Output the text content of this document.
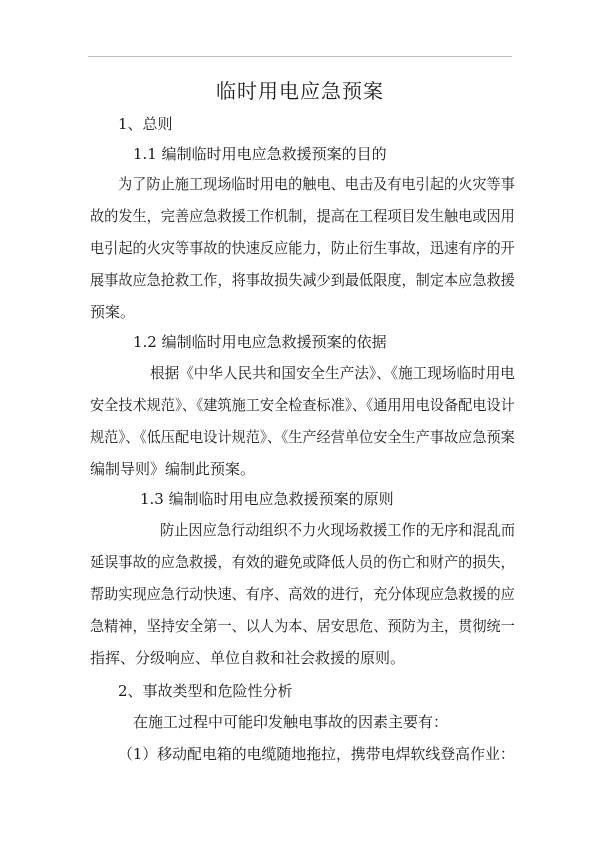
临时用电应急预案
1、总则
1.1 编制临时用电应急救援预案的目的
为了防止施工现场临时用电的触电、电击及有电引起的火灾等事
故的发生，完善应急救援工作机制，提高在工程项目发生触电或因用
电引起的火灾等事故的快速反应能力，防止衍生事故，迅速有序的开
展事故应急抢救工作，将事故损失减少到最低限度，制定本应急救援
预案。
1.2 编制临时用电应急救援预案的依据
根据《中华人民共和国安全生产法》、《施工现场临时用电
安全技术规范》、《建筑施工安全检查标准》、《通用用电设备配电设计
规范》、《低压配电设计规范》、《生产经营单位安全生产事故应急预案
编制导则》编制此预案。
1.3 编制临时用电应急救援预案的原则
防止因应急行动组织不力火现场救援工作的无序和混乱而
延误事故的应急救援，有效的避免或降低人员的伤亡和财产的损失，
帮助实现应急行动快速、有序、高效的进行，充分体现应急救援的应
急精神，坚持安全第一、以人为本、居安思危、预防为主，贯彻统一
指挥、分级响应、单位自救和社会救援的原则。
2、事故类型和危险性分析
在施工过程中可能印发触电事故的因素主要有：
（1）移动配电箱的电缆随地拖拉，携带电焊软线登高作业：
